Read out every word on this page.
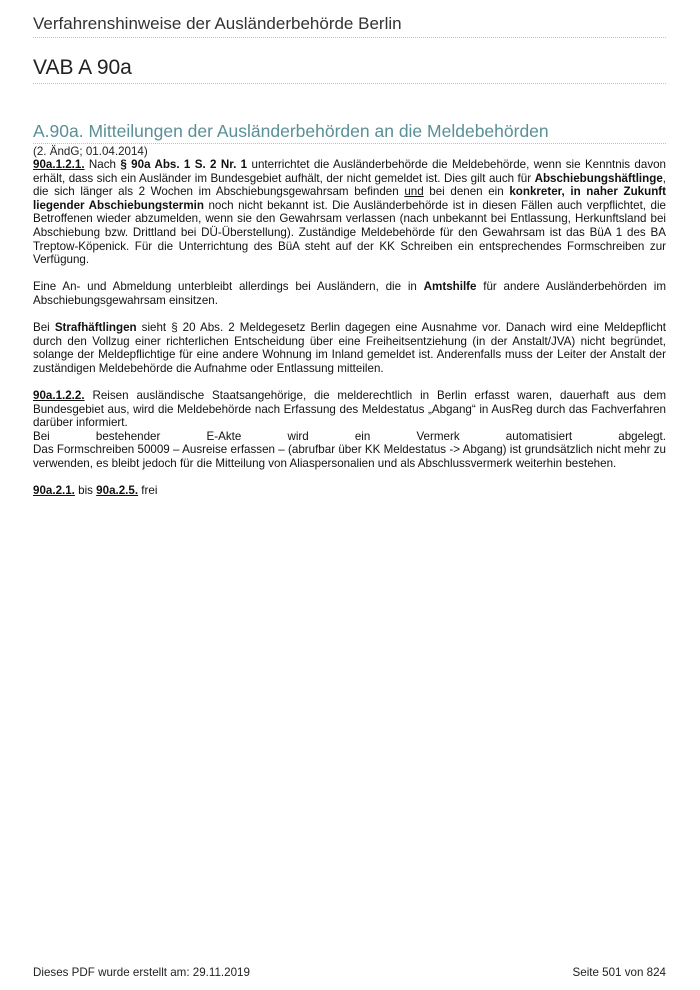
Verfahrenshinweise der Ausländerbehörde Berlin
VAB A 90a
A.90a. Mitteilungen der Ausländerbehörden an die Meldebehörden
(2. ÄndG; 01.04.2014)

90a.1.2.1. Nach § 90a Abs. 1 S. 2 Nr. 1 unterrichtet die Ausländerbehörde die Meldebehörde, wenn sie Kenntnis davon erhält, dass sich ein Ausländer im Bundesgebiet aufhält, der nicht gemeldet ist. Dies gilt auch für Abschiebungshäftlinge, die sich länger als 2 Wochen im Abschiebungsgewahrsam befinden und bei denen ein konkreter, in naher Zukunft liegender Abschiebungstermin noch nicht bekannt ist. Die Ausländerbehörde ist in diesen Fällen auch verpflichtet, die Betroffenen wieder abzumelden, wenn sie den Gewahrsam verlassen (nach unbekannt bei Entlassung, Herkunftsland bei Abschiebung bzw. Drittland bei DÜ-Überstellung). Zuständige Meldebehörde für den Gewahrsam ist das BüA 1 des BA Treptow-Köpenick. Für die Unterrichtung des BüA steht auf der KK Schreiben ein entsprechendes Formschreiben zur Verfügung.

Eine An- und Abmeldung unterbleibt allerdings bei Ausländern, die in Amtshilfe für andere Ausländerbehörden im Abschiebungsgewahrsam einsitzen.

Bei Strafhäftlingen sieht § 20 Abs. 2 Meldegesetz Berlin dagegen eine Ausnahme vor. Danach wird eine Meldepflicht durch den Vollzug einer richterlichen Entscheidung über eine Freiheitsentziehung (in der Anstalt/JVA) nicht begründet, solange der Meldepflichtige für eine andere Wohnung im Inland gemeldet ist. Anderenfalls muss der Leiter der Anstalt der zuständigen Meldebehörde die Aufnahme oder Entlassung mitteilen.

90a.1.2.2. Reisen ausländische Staatsangehörige, die melderechtlich in Berlin erfasst waren, dauerhaft aus dem Bundesgebiet aus, wird die Meldebehörde nach Erfassung des Meldestatus „Abgang“ in AusReg durch das Fachverfahren darüber informiert.
Bei bestehender E-Akte wird ein Vermerk automatisiert abgelegt.
Das Formschreiben 50009 – Ausreise erfassen – (abrufbar über KK Meldestatus -> Abgang) ist grundsätzlich nicht mehr zu verwenden, es bleibt jedoch für die Mitteilung von Aliaspersonalien und als Abschlussvermerk weiterhin bestehen.

90a.2.1. bis 90a.2.5. frei

Dieses PDF wurde erstellt am: 29.11.2019	Seite 501 von 824
